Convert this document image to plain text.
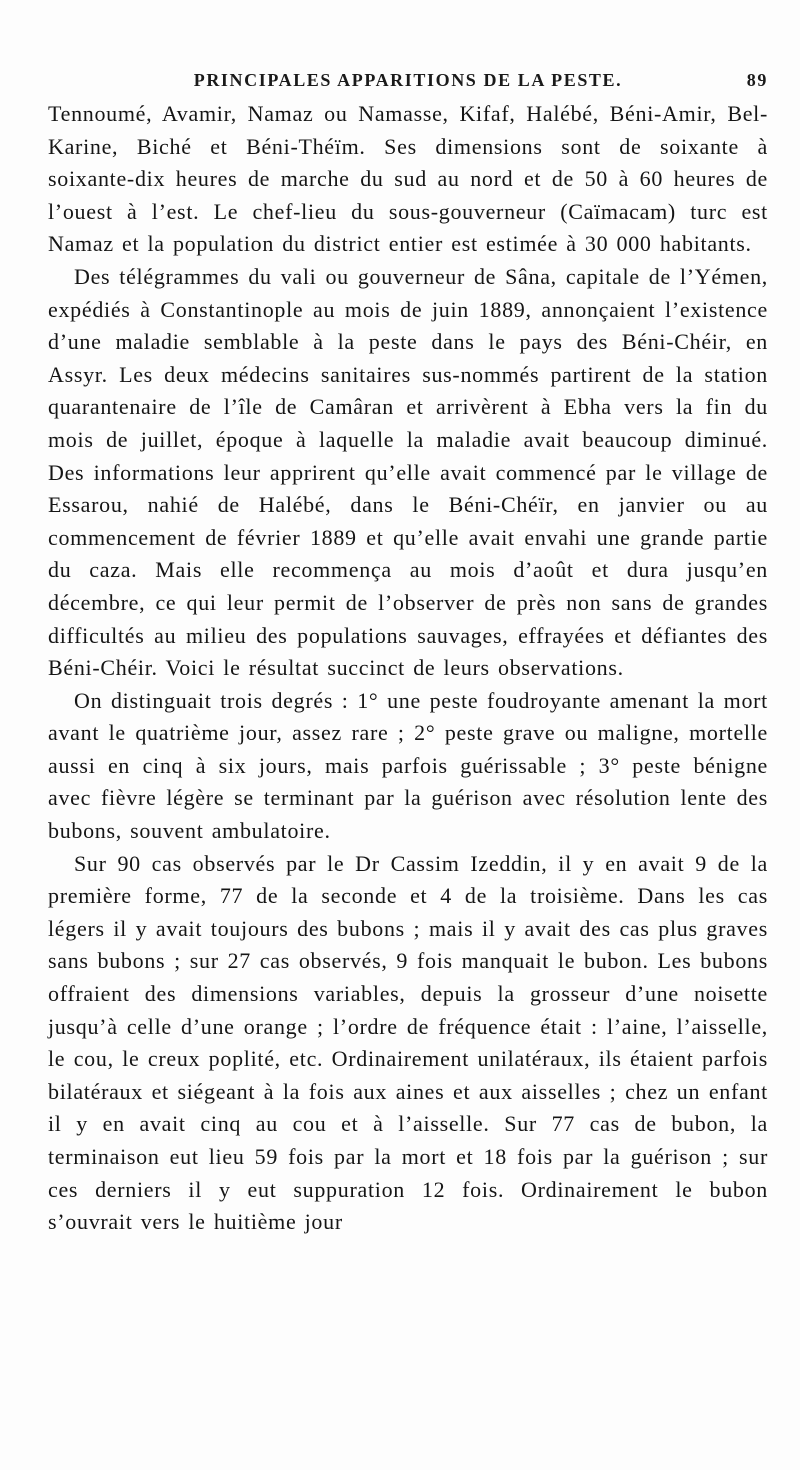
PRINCIPALES APPARITIONS DE LA PESTE.	89

Tennoumé, Avamir, Namaz ou Namasse, Kifaf, Halébé, Béni-Amir, Bel-Karine, Biché et Béni-Théïm. Ses dimensions sont de soixante à soixante-dix heures de marche du sud au nord et de 50 à 60 heures de l’ouest à l’est. Le chef-lieu du sous-gouverneur (Caïmacam) turc est Namaz et la population du district entier est estimée à 30 000 habitants.

Des télégrammes du vali ou gouverneur de Sâna, capitale de l’Yémen, expédiés à Constantinople au mois de juin 1889, annonçaient l’existence d’une maladie semblable à la peste dans le pays des Béni-Chéir, en Assyr. Les deux médecins sanitaires sus-nommés partirent de la station quarantenaire de l’île de Camâran et arrivèrent à Ebha vers la fin du mois de juillet, époque à laquelle la maladie avait beaucoup diminué. Des informations leur apprirent qu’elle avait commencé par le village de Essarou, nahié de Halébé, dans le Béni-Chéïr, en janvier ou au commencement de février 1889 et qu’elle avait envahi une grande partie du caza. Mais elle recommença au mois d’août et dura jusqu’en décembre, ce qui leur permit de l’observer de près non sans de grandes difficultés au milieu des populations sauvages, effrayées et défiantes des Béni-Chéir. Voici le résultat succinct de leurs observations.

On distinguait trois degrés : 1° une peste foudroyante amenant la mort avant le quatrième jour, assez rare ; 2° peste grave ou maligne, mortelle aussi en cinq à six jours, mais parfois guérissable ; 3° peste bénigne avec fièvre légère se terminant par la guérison avec résolution lente des bubons, souvent ambulatoire.

Sur 90 cas observés par le Dr Cassim Izeddin, il y en avait 9 de la première forme, 77 de la seconde et 4 de la troisième. Dans les cas légers il y avait toujours des bubons ; mais il y avait des cas plus graves sans bubons ; sur 27 cas observés, 9 fois manquait le bubon. Les bubons offraient des dimensions variables, depuis la grosseur d’une noisette jusqu’à celle d’une orange ; l’ordre de fréquence était : l’aine, l’aisselle, le cou, le creux poplité, etc. Ordinairement unilatéraux, ils étaient parfois bilatéraux et siégeant à la fois aux aines et aux aisselles ; chez un enfant il y en avait cinq au cou et à l’aisselle. Sur 77 cas de bubon, la terminaison eut lieu 59 fois par la mort et 18 fois par la guérison ; sur ces derniers il y eut suppuration 12 fois. Ordinairement le bubon s’ouvrait vers le huitième jour
